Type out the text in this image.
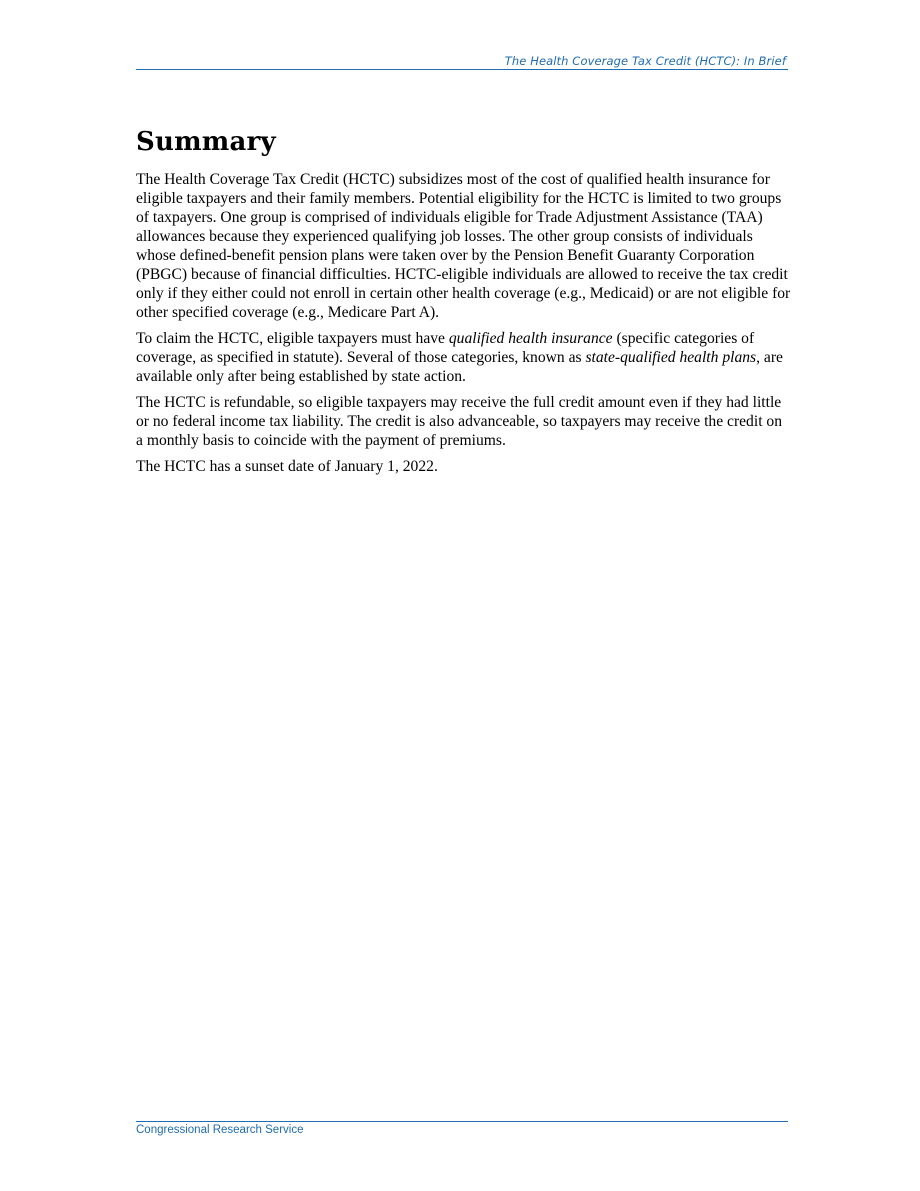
The Health Coverage Tax Credit (HCTC): In Brief
Summary

The Health Coverage Tax Credit (HCTC) subsidizes most of the cost of qualified health insurance for eligible taxpayers and their family members. Potential eligibility for the HCTC is limited to two groups of taxpayers. One group is comprised of individuals eligible for Trade Adjustment Assistance (TAA) allowances because they experienced qualifying job losses. The other group consists of individuals whose defined-benefit pension plans were taken over by the Pension Benefit Guaranty Corporation (PBGC) because of financial difficulties. HCTC-eligible individuals are allowed to receive the tax credit only if they either could not enroll in certain other health coverage (e.g., Medicaid) or are not eligible for other specified coverage (e.g., Medicare Part A).

To claim the HCTC, eligible taxpayers must have qualified health insurance (specific categories of coverage, as specified in statute). Several of those categories, known as state-qualified health plans, are available only after being established by state action.

The HCTC is refundable, so eligible taxpayers may receive the full credit amount even if they had little or no federal income tax liability. The credit is also advanceable, so taxpayers may receive the credit on a monthly basis to coincide with the payment of premiums.

The HCTC has a sunset date of January 1, 2022.

Congressional Research Service
